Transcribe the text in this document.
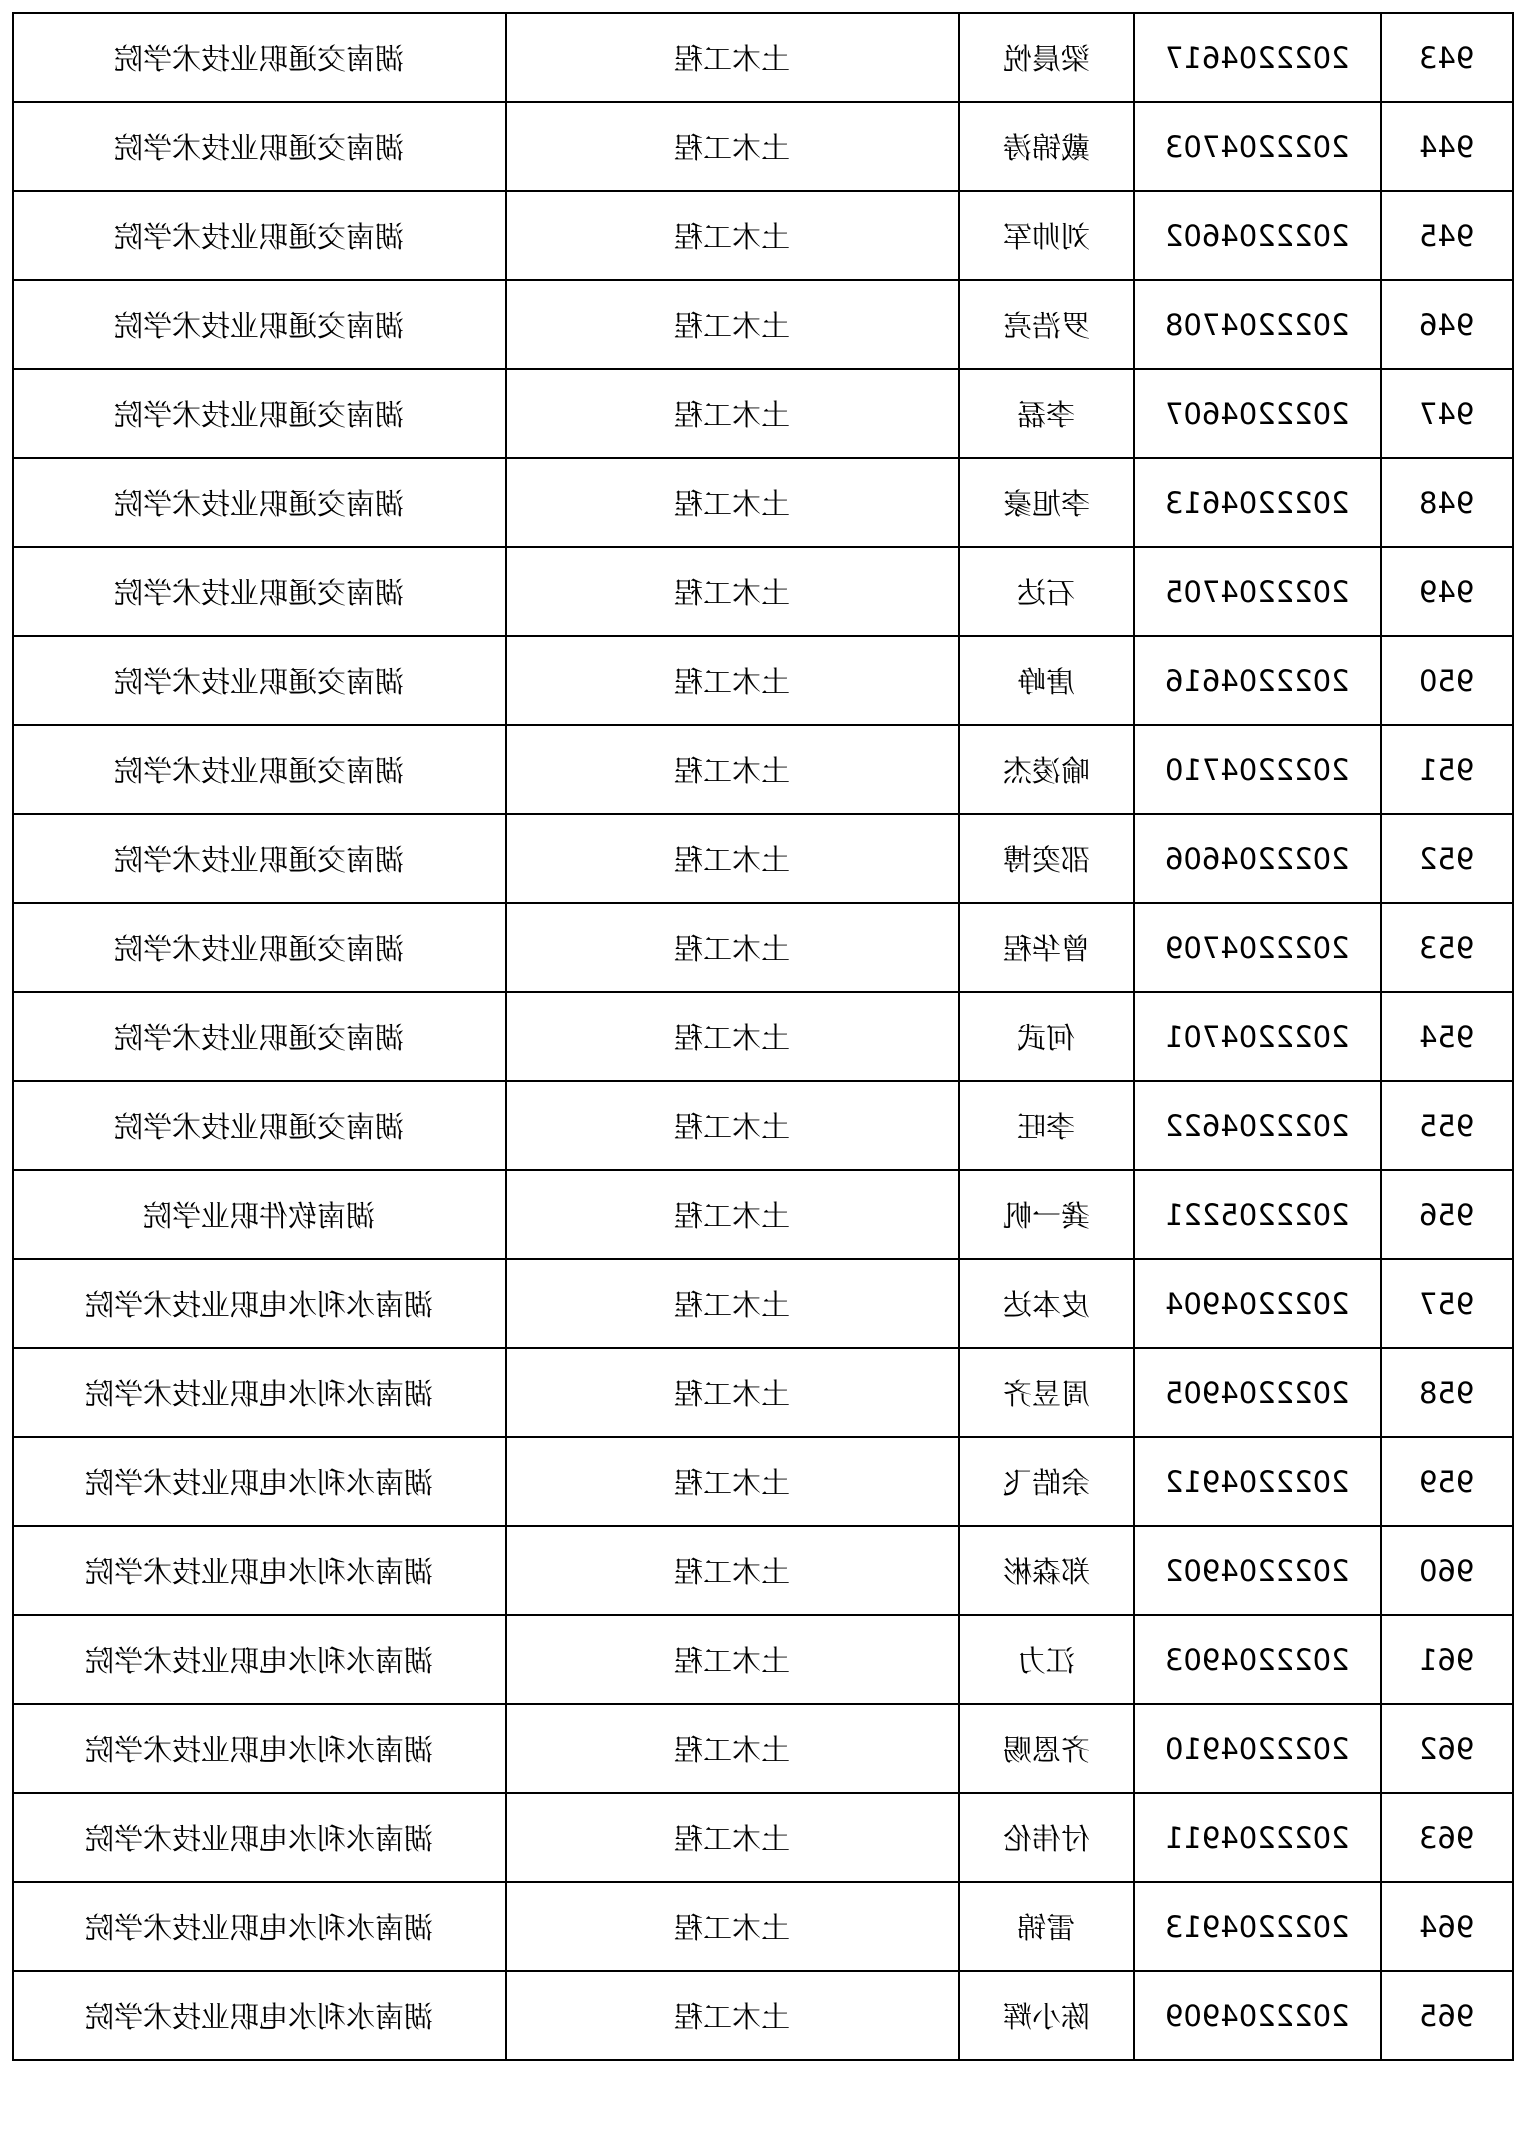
湖南交通职业技术学院	土木工程	梁晨悦	2022204617	943
湖南交通职业技术学院	土木工程	戴锦涛	2022204703	944
湖南交通职业技术学院	土木工程	刘帅军	2022204602	945
湖南交通职业技术学院	土木工程	罗浩亮	2022204708	946
湖南交通职业技术学院	土木工程	李磊	2022204607	947
湖南交通职业技术学院	土木工程	李旭豪	2022204613	948
湖南交通职业技术学院	土木工程	石达	2022204705	949
湖南交通职业技术学院	土木工程	唐峥	2022204616	950
湖南交通职业技术学院	土木工程	喻凌杰	2022204710	951
湖南交通职业技术学院	土木工程	邵奕博	2022204606	952
湖南交通职业技术学院	土木工程	曾华程	2022204709	953
湖南交通职业技术学院	土木工程	何武	2022204701	954
湖南交通职业技术学院	土木工程	李旺	2022204622	955
湖南软件职业学院	土木工程	龚一帆	2022205221	956
湖南水利水电职业技术学院	土木工程	皮本达	2022204904	957
湖南水利水电职业技术学院	土木工程	周昱齐	2022204905	958
湖南水利水电职业技术学院	土木工程	余皓飞	2022204912	959
湖南水利水电职业技术学院	土木工程	郑森彬	2022204902	960
湖南水利水电职业技术学院	土木工程	江力	2022204903	961
湖南水利水电职业技术学院	土木工程	齐恩赐	2022204910	962
湖南水利水电职业技术学院	土木工程	付伟伦	2022204911	963
湖南水利水电职业技术学院	土木工程	雷锦	2022204913	964
湖南水利水电职业技术学院	土木工程	陈小辉	2022204909	965
